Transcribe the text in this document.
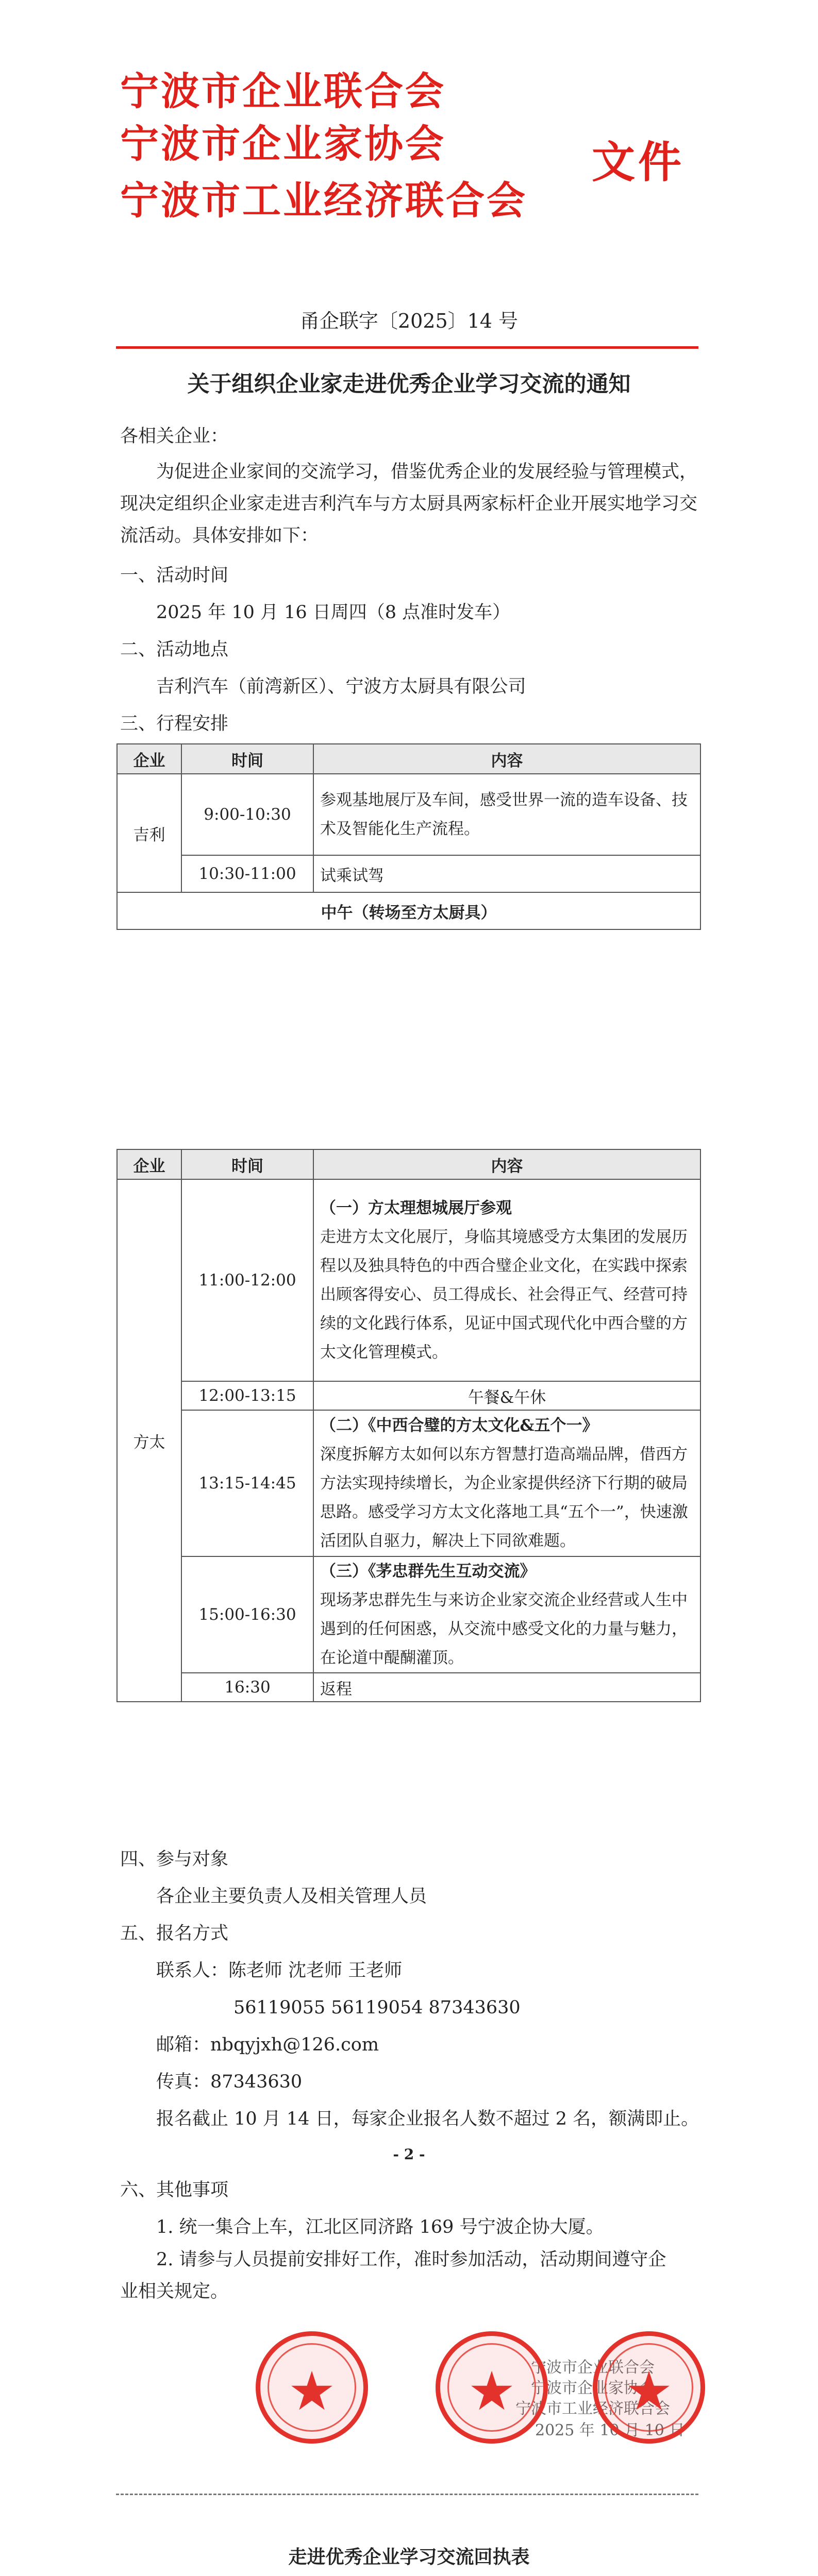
宁波市企业联合会
宁波市企业家协会	文件
宁波市工业经济联合会
甬企联字〔2025〕14 号
关于组织企业家走进优秀企业学习交流的通知
各相关企业：
为促进企业家间的交流学习，借鉴优秀企业的发展经验与管理模式，现决定组织企业家走进吉利汽车与方太厨具两家标杆企业开展实地学习交流活动。具体安排如下：
一、活动时间
2025 年 10 月 16 日周四（8 点准时发车）
二、活动地点
吉利汽车（前湾新区）、宁波方太厨具有限公司
三、行程安排
企业	时间	内容
吉利	9:00-10:30	参观基地展厅及车间，感受世界一流的造车设备、技术及智能化生产流程。
	10:30-11:00	试乘试驾
中午（转场至方太厨具）		
企业	时间	内容
方太	11:00-12:00	（一）方太理想城展厅参观
走进方太文化展厅，身临其境感受方太集团的发展历程以及独具特色的中西合璧企业文化，在实践中探索出顾客得安心、员工得成长、社会得正气、经营可持续的文化践行体系，见证中国式现代化中西合璧的方太文化管理模式。

	12:00-13:15	午餐&午休
	13:15-14:45	（二）《中西合璧的方太文化&五个一》
深度拆解方太如何以东方智慧打造高端品牌，借西方方法实现持续增长，为企业家提供经济下行期的破局思路。感受学习方太文化落地工具“五个一”，快速激活团队自驱力，解决上下同欲难题。

	15:00-16:30	（三）《茅忠群先生互动交流》
现场茅忠群先生与来访企业家交流企业经营或人生中遇到的任何困惑，从交流中感受文化的力量与魅力，在论道中醍醐灌顶。

	16:30	返程
四、参与对象
各企业主要负责人及相关管理人员
五、报名方式
联系人：陈老师 沈老师 王老师
56119055 56119054 87343630
邮箱：nbqyjxh@126.com
传真：87343630
报名截止 10 月 14 日，每家企业报名人数不超过 2 名，额满即止。
- 2 -
六、其他事项
1. 统一集合上车，江北区同济路 169 号宁波企协大厦。
2. 请参与人员提前安排好工作，准时参加活动，活动期间遵守企业相关规定。
宁波市企业联合会
宁波市企业家协会
宁波市工业经济联合会
2025 年 10 月 10 日
★	★	★
走进优秀企业学习交流回执表
